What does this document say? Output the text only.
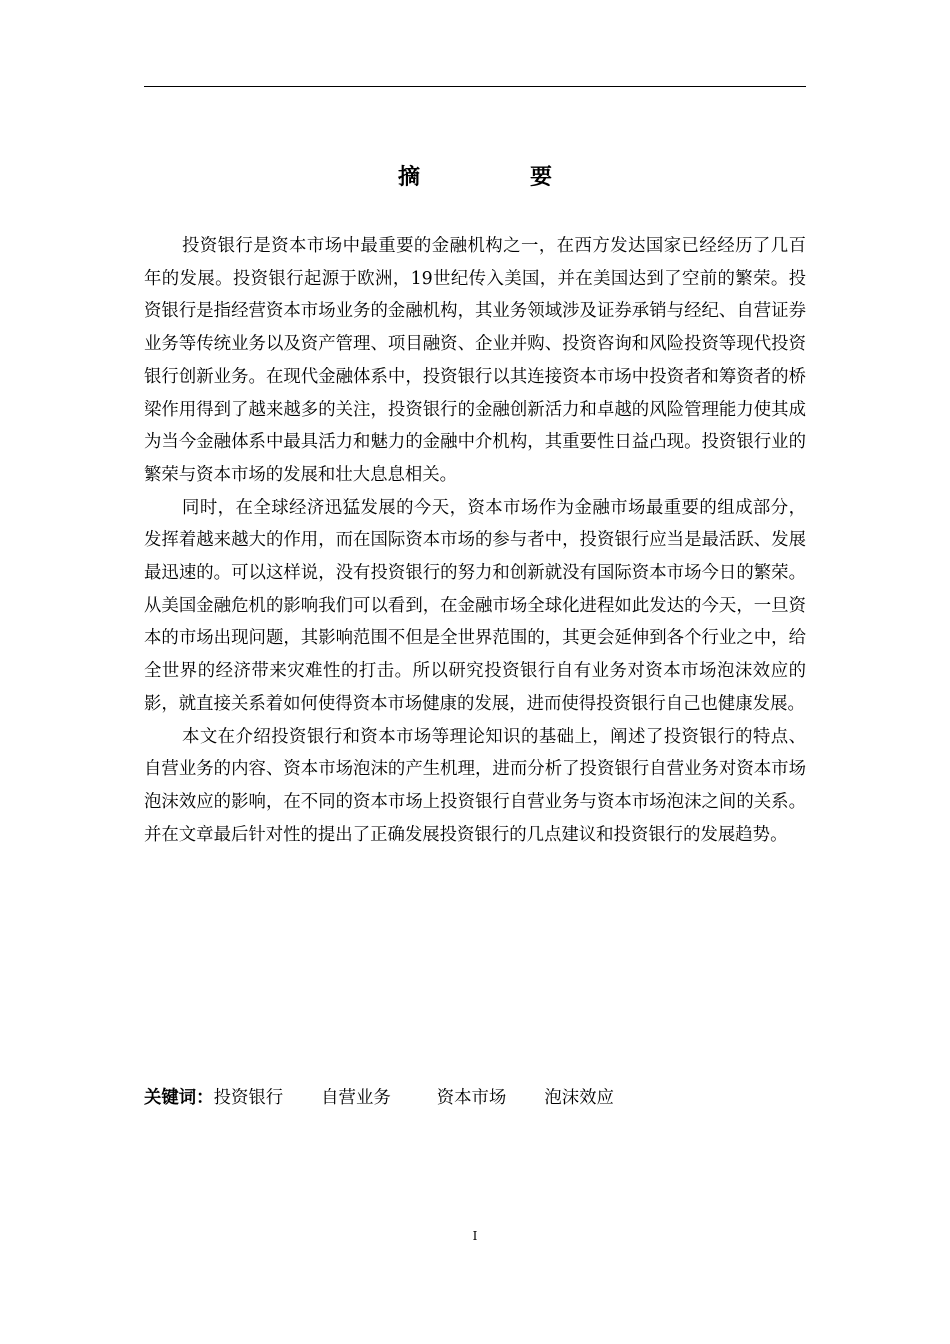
摘　要

投资银行是资本市场中最重要的金融机构之一，在西方发达国家已经经历了几百年的发展。投资银行起源于欧洲，19世纪传入美国，并在美国达到了空前的繁荣。投资银行是指经营资本市场业务的金融机构，其业务领域涉及证券承销与经纪、自营证券业务等传统业务以及资产管理、项目融资、企业并购、投资咨询和风险投资等现代投资银行创新业务。在现代金融体系中，投资银行以其连接资本市场中投资者和筹资者的桥梁作用得到了越来越多的关注，投资银行的金融创新活力和卓越的风险管理能力使其成为当今金融体系中最具活力和魅力的金融中介机构，其重要性日益凸现。投资银行业的繁荣与资本市场的发展和壮大息息相关。

同时，在全球经济迅猛发展的今天，资本市场作为金融市场最重要的组成部分，发挥着越来越大的作用，而在国际资本市场的参与者中，投资银行应当是最活跃、发展最迅速的。可以这样说，没有投资银行的努力和创新就没有国际资本市场今日的繁荣。从美国金融危机的影响我们可以看到，在金融市场全球化进程如此发达的今天，一旦资本的市场出现问题，其影响范围不但是全世界范围的，其更会延伸到各个行业之中，给全世界的经济带来灾难性的打击。所以研究投资银行自有业务对资本市场泡沫效应的影，就直接关系着如何使得资本市场健康的发展，进而使得投资银行自己也健康发展。

本文在介绍投资银行和资本市场等理论知识的基础上，阐述了投资银行的特点、自营业务的内容、资本市场泡沫的产生机理，进而分析了投资银行自营业务对资本市场泡沫效应的影响，在不同的资本市场上投资银行自营业务与资本市场泡沫之间的关系。并在文章最后针对性的提出了正确发展投资银行的几点建议和投资银行的发展趋势。

关键词：投资银行 自营业务	资本市场 泡沫效应
I
